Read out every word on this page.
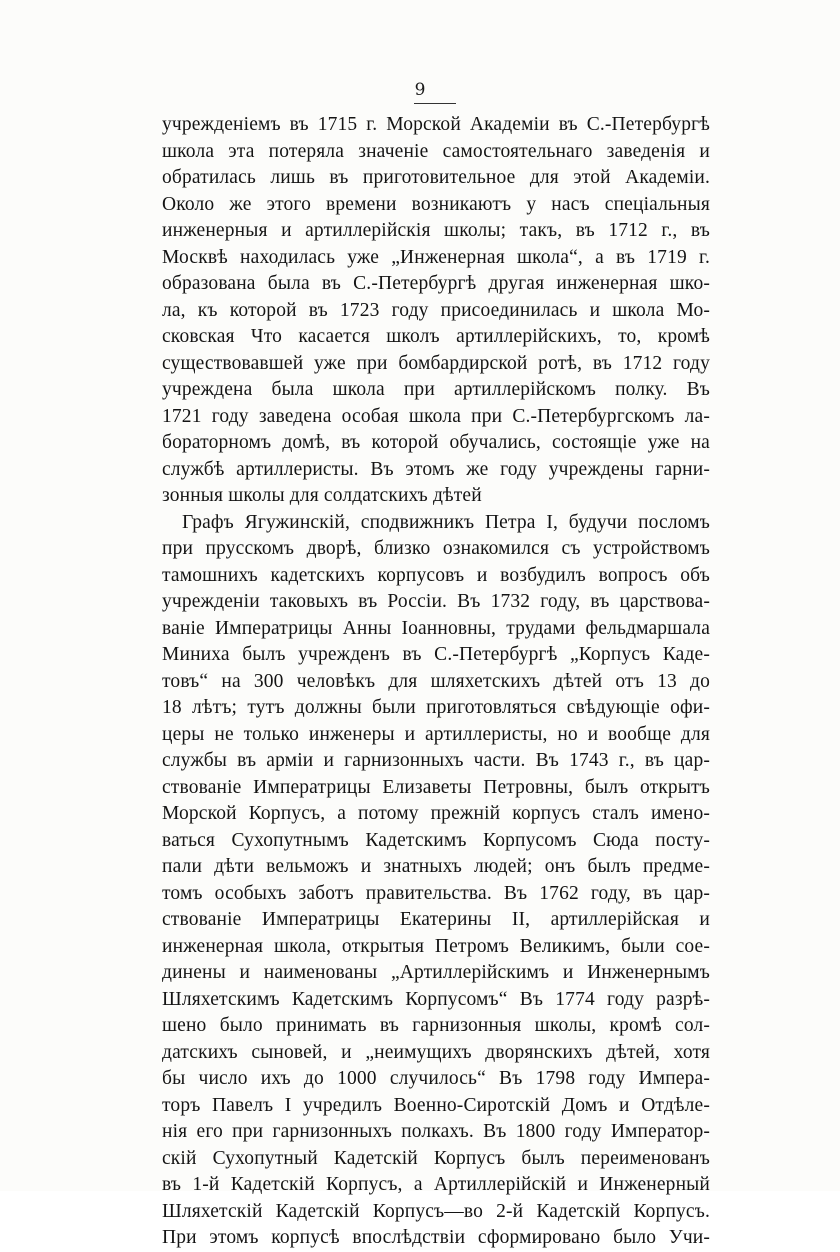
9
учрежденіемъ въ 1715 г. Морской Академіи въ С.-Петербургѣ
школа эта потеряла значеніе самостоятельнаго заведенія и
обратилась лишь въ приготовительное для этой Академіи.
Около же этого времени возникаютъ у насъ спеціальныя
инженерныя и артиллерійскія школы; такъ, въ 1712 г., въ
Москвѣ находилась уже „Инженерная школа“, а въ 1719 г.
образована была въ С.-Петербургѣ другая инженерная шко-
ла, къ которой въ 1723 году присоединилась и школа Мо-
сковская Что касается школъ артиллерійскихъ, то, кромѣ
существовавшей уже при бомбардирской ротѣ, въ 1712 году
учреждена была школа при артиллерійскомъ полку. Въ
1721 году заведена особая школа при С.-Петербургскомъ ла-
бораторномъ домѣ, въ которой обучались, состоящіе уже на
службѣ артиллеристы. Въ этомъ же году учреждены гарни-
зонныя школы для солдатскихъ дѣтей
Графъ Ягужинскій, сподвижникъ Петра I, будучи посломъ
при прусскомъ дворѣ, близко ознакомился съ устройствомъ
тамошнихъ кадетскихъ корпусовъ и возбудилъ вопросъ объ
учрежденіи таковыхъ въ Россіи. Въ 1732 году, въ царствова-
ваніе Императрицы Анны Іоанновны, трудами фельдмаршала
Миниха былъ учрежденъ въ С.-Петербургѣ „Корпусъ Каде-
товъ“ на 300 человѣкъ для шляхетскихъ дѣтей отъ 13 до
18 лѣтъ; тутъ должны были приготовляться свѣдующіе офи-
церы не только инженеры и артиллеристы, но и вообще для
службы въ арміи и гарнизонныхъ части. Въ 1743 г., въ цар-
ствованіе Императрицы Елизаветы Петровны, былъ открытъ
Морской Корпусъ, а потому прежній корпусъ сталъ имено-
ваться Сухопутнымъ Кадетскимъ Корпусомъ Сюда посту-
пали дѣти вельможъ и знатныхъ людей; онъ былъ предме-
томъ особыхъ заботъ правительства. Въ 1762 году, въ цар-
ствованіе Императрицы Екатерины II, артиллерійская и
инженерная школа, открытыя Петромъ Великимъ, были сое-
динены и наименованы „Артиллерійскимъ и Инженернымъ
Шляхетскимъ Кадетскимъ Корпусомъ“ Въ 1774 году разрѣ-
шено было принимать въ гарнизонныя школы, кромѣ сол-
датскихъ сыновей, и „неимущихъ дворянскихъ дѣтей, хотя
бы число ихъ до 1000 случилось“ Въ 1798 году Импера-
торъ Павелъ I учредилъ Военно-Сиротскій Домъ и Отдѣле-
нія его при гарнизонныхъ полкахъ. Въ 1800 году Император-
скій Сухопутный Кадетскій Корпусъ былъ переименованъ
въ 1-й Кадетскій Корпусъ, а Артиллерійскій и Инженерный
Шляхетскій Кадетскій Корпусъ—во 2-й Кадетскій Корпусъ.
При этомъ корпусѣ впослѣдствіи сформировано было Учи-
